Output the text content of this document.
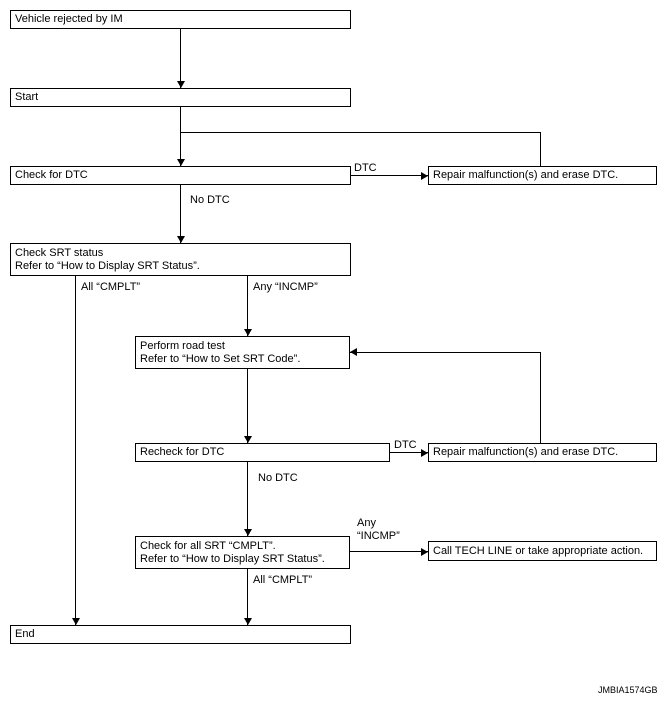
Vehicle rejected by IM
Start
Check for DTC	Repair malfunction(s) and erase DTC.
Check SRT status
Refer to “How to Display SRT Status”.
Perform road test
Refer to “How to Set SRT Code”.
Recheck for DTC	Repair malfunction(s) and erase DTC.
Check for all SRT “CMPLT”.
Refer to “How to Display SRT Status”.
Call TECH LINE or take appropriate action.
End
DTC
No DTC
All “CMPLT”	Any “INCMP”
DTC
No DTC
Any
“INCMP”
All “CMPLT”
JMBIA1574GB
